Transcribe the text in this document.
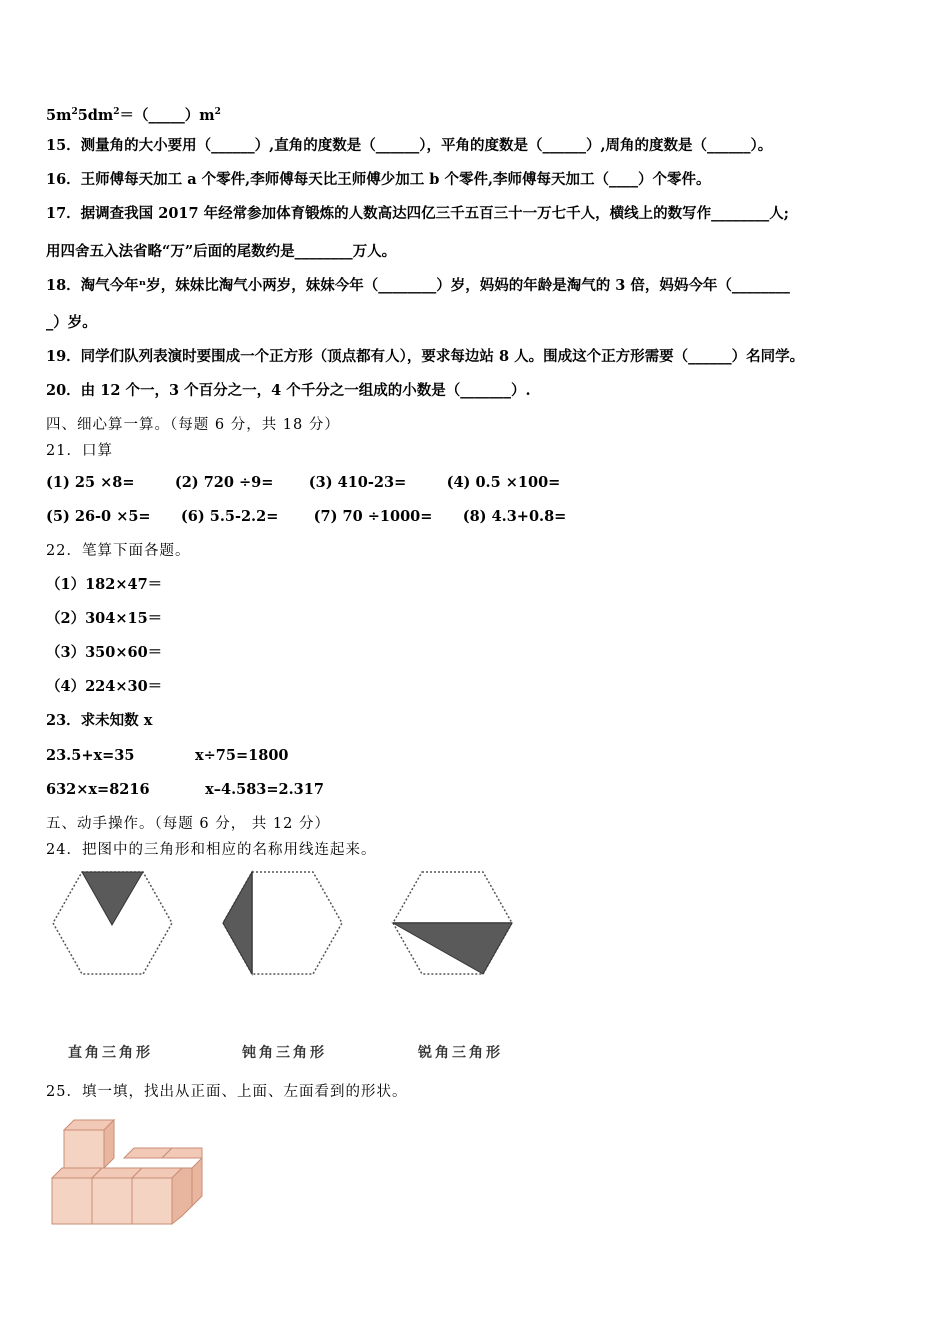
$5m^25dm^2=(\_\_\_\_\_)m^2$
15．测量角的大小要用（______）,直角的度数是（______），平角的度数是（______）,周角的度数是（______）。
16．王师傅每天加工 a 个零件,李师傅每天比王师傅少加工 b 个零件,李师傅每天加工（____）个零件。
17．据调查我国 2017 年经常参加体育锻炼的人数高达四亿三千五百三十一万七千人，横线上的数写作________人;
用四舍五入法省略“万”后面的尾数约是________万人。
18．淘气今年ⁿ岁，妹妹比淘气小两岁，妹妹今年（________）岁，妈妈的年龄是淘气的 3 倍，妈妈今年（________
_）岁。
19．同学们队列表演时要围成一个正方形（顶点都有人），要求每边站 8 人。围成这个正方形需要（______）名同学。
20．由 12 个一，3 个百分之一，4 个千分之一组成的小数是（_______）.
四、细心算一算。（每题 6 分，共 18 分）
21．口算
(1) 25 ×8=        (2) 720 ÷9=       (3) 410-23=        (4) 0.5 ×100=
(5) 26-0 ×5=      (6) 5.5-2.2=       (7) 70 ÷1000=      (8) 4.3+0.8=
22．笔算下面各题。
（1）182×47＝
（2）304×15＝
（3）350×60＝
（4）224×30＝
23．求未知数 x
23.5+x=35            x÷75=1800
632×x=8216           x–4.583=2.317
五、动手操作。（每题 6 分， 共 12 分）
24．把图中的三角形和相应的名称用线连起来。
直角三角形	钝角三角形	锐角三角形
25．填一填，找出从正面、上面、左面看到的形状。
